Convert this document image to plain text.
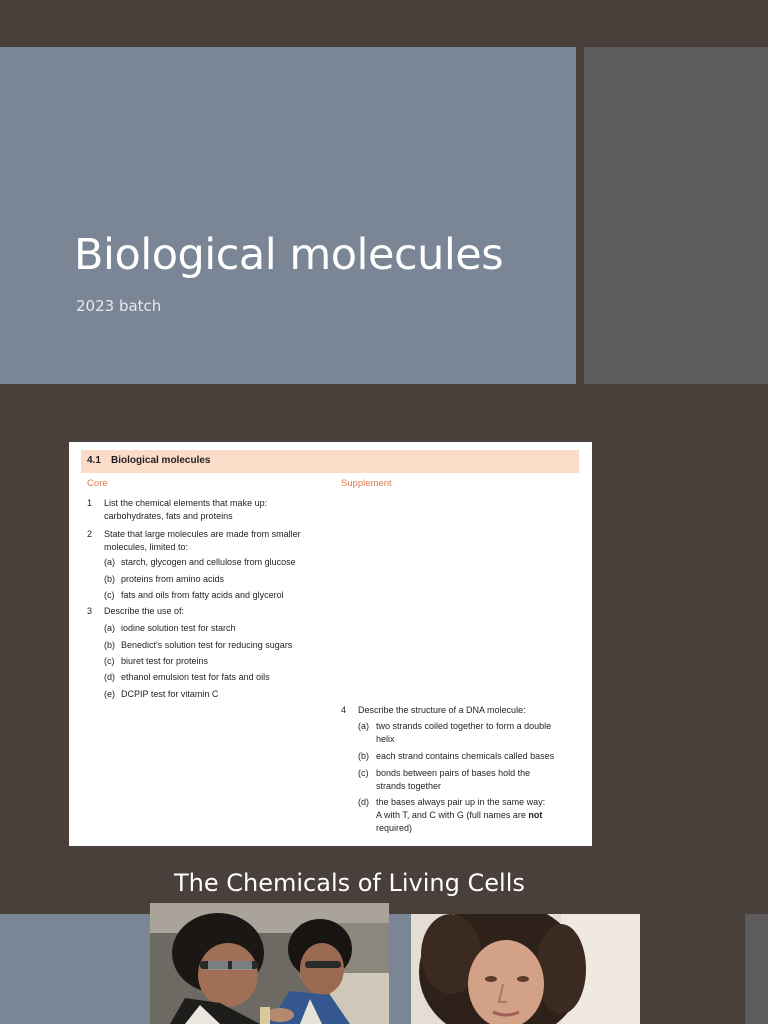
Biological molecules

2023 batch

4.1 Biological molecules
Core	Supplement
1	List the chemical elements that make up:
carbohydrates, fats and proteins
2	State that large molecules are made from smaller
molecules, limited to:
(a) starch, glycogen and cellulose from glucose
(b) proteins from amino acids
(c) fats and oils from fatty acids and glycerol
3	Describe the use of:
(a) iodine solution test for starch
(b) Benedict's solution test for reducing sugars
(c) biuret test for proteins
(d) ethanol emulsion test for fats and oils
(e) DCPIP test for vitamin C
4	Describe the structure of a DNA molecule:
(a) two strands coiled together to form a double
helix
(b) each strand contains chemicals called bases
(c) bonds between pairs of bases hold the
strands together
(d) the bases always pair up in the same way:
A with T, and C with G (full names are not
required)
The Chemicals of Living Cells
